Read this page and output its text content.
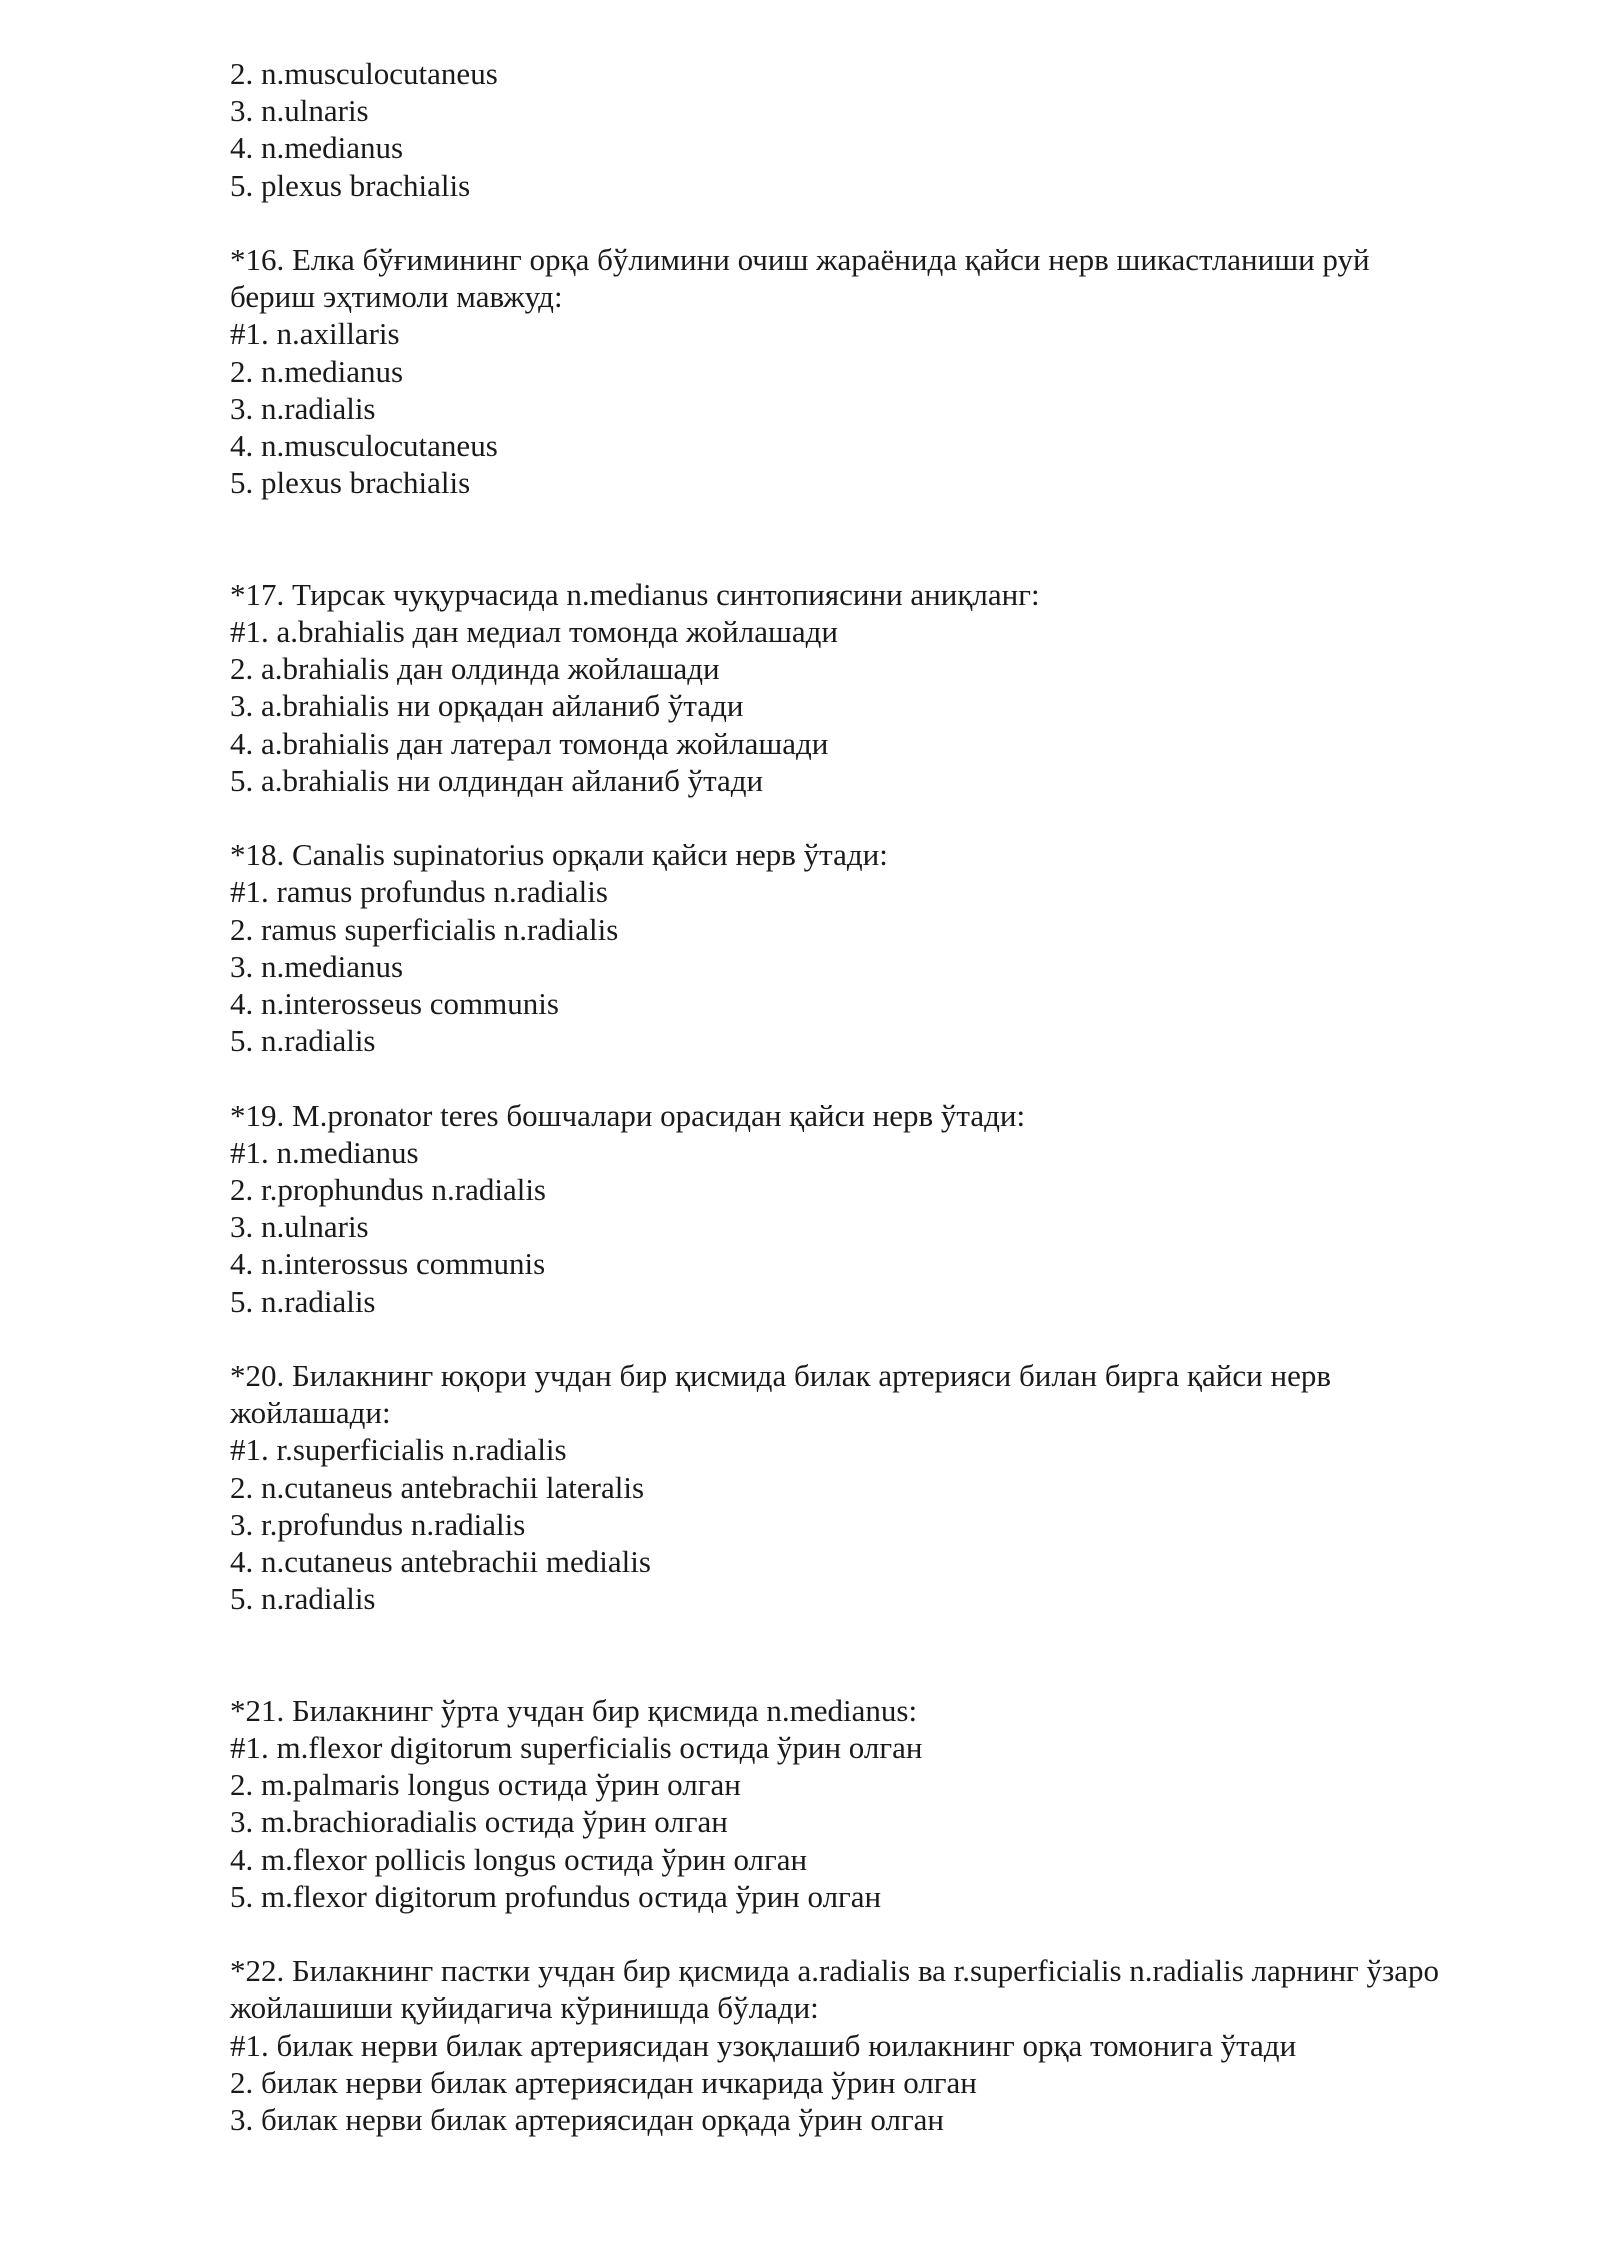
2. n.musculocutaneus
3. n.ulnaris
4. n.medianus
5. plexus brachialis
*16. Елка бўғимининг орқа бўлимини очиш жараёнида қайси нерв шикастланиши руй бериш эҳтимоли мавжуд:
#1. n.axillaris
2. n.medianus
3. n.radialis
4. n.musculocutaneus
5. plexus brachialis
*17. Тирсак чуқурчасида n.medianus синтопиясини аниқланг:
#1. a.brahialis дан медиал томонда жойлашади
2. a.brahialis дан олдинда жойлашади
3. a.brahialis ни орқадан айланиб ўтади
4. a.brahialis дан латерал томонда жойлашади
5. a.brahialis ни олдиндан айланиб ўтади
*18. Canalis supinatorius орқали қайси нерв ўтади:
#1. ramus profundus n.radialis
2. ramus superficialis n.radialis
3. n.medianus
4. n.interosseus communis
5. n.radialis
*19. M.pronator teres бошчалари орасидан қайси нерв ўтади:
#1. n.medianus
2. r.prophundus n.radialis
3. n.ulnaris
4. n.interossus communis
5. n.radialis
*20. Билакнинг юқори учдан бир қисмида билак артерияси билан бирга қайси нерв жойлашади:
#1. r.superficialis n.radialis
2. n.cutaneus antebrachii lateralis
3. r.profundus n.radialis
4. n.cutaneus antebrachii medialis
5. n.radialis
*21. Билакнинг ўрта учдан бир қисмида n.medianus:
#1. m.flexor digitorum superficialis остида ўрин олган
2. m.palmaris longus остида ўрин олган
3. m.brachioradialis остида ўрин олган
4. m.flexor pollicis longus остида ўрин олган
5. m.flexor digitorum profundus остида ўрин олган
*22. Билакнинг пастки учдан бир қисмида a.radialis ва r.superficialis n.radialis ларнинг ўзаро жойлашиши қуйидагича кўринишда бўлади:
#1. билак нерви билак артериясидан узоқлашиб юилакнинг орқа томонига ўтади
2. билак нерви билак артериясидан ичкарида ўрин олган
3. билак нерви билак артериясидан орқада ўрин олган
